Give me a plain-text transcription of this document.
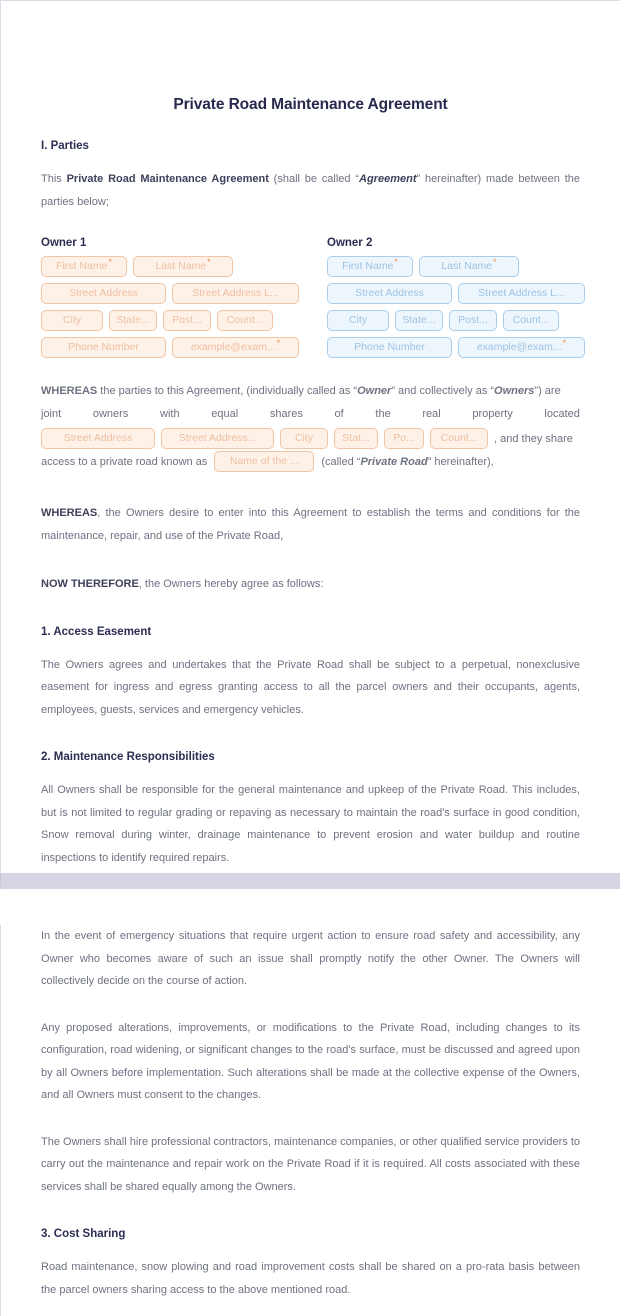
Private Road Maintenance Agreement
I. Parties

This Private Road Maintenance Agreement (shall be called “Agreement” hereinafter) made between the parties below;

Owner 1
First Name*	Last Name*
Street Address	Street Address L...
City	State...	Post...	Count...
Phone Number	example@exam...*
Owner 2
First Name*	Last Name*
Street Address	Street Address L...
City	State...	Post...	Count...
Phone Number	example@exam...*
WHEREAS the parties to this Agreement, (individually called as “Owner” and collectively as “Owners”) are
joint	owners	with	equal	shares	of	the	real	property	located
Street Address	Street Address...	City	Stat...	Po...	Count...	, and they share
access to a private road known as	Name of the ...	(called “Private Road” hereinafter),

WHEREAS, the Owners desire to enter into this Agreement to establish the terms and conditions for the maintenance, repair, and use of the Private Road,

NOW THEREFORE, the Owners hereby agree as follows:

1. Access Easement

The Owners agrees and undertakes that the Private Road shall be subject to a perpetual, nonexclusive easement for ingress and egress granting access to all the parcel owners and their occupants, agents, employees, guests, services and emergency vehicles.

2. Maintenance Responsibilities

All Owners shall be responsible for the general maintenance and upkeep of the Private Road. This includes, but is not limited to regular grading or repaving as necessary to maintain the road's surface in good condition, Snow removal during winter, drainage maintenance to prevent erosion and water buildup and routine inspections to identify required repairs.

In the event of emergency situations that require urgent action to ensure road safety and accessibility, any Owner who becomes aware of such an issue shall promptly notify the other Owner. The Owners will collectively decide on the course of action.

Any proposed alterations, improvements, or modifications to the Private Road, including changes to its configuration, road widening, or significant changes to the road's surface, must be discussed and agreed upon by all Owners before implementation. Such alterations shall be made at the collective expense of the Owners, and all Owners must consent to the changes.

The Owners shall hire professional contractors, maintenance companies, or other qualified service providers to carry out the maintenance and repair work on the Private Road if it is required. All costs associated with these services shall be shared equally among the Owners.

3. Cost Sharing

Road maintenance, snow plowing and road improvement costs shall be shared on a pro-rata basis between the parcel owners sharing access to the above mentioned road.
